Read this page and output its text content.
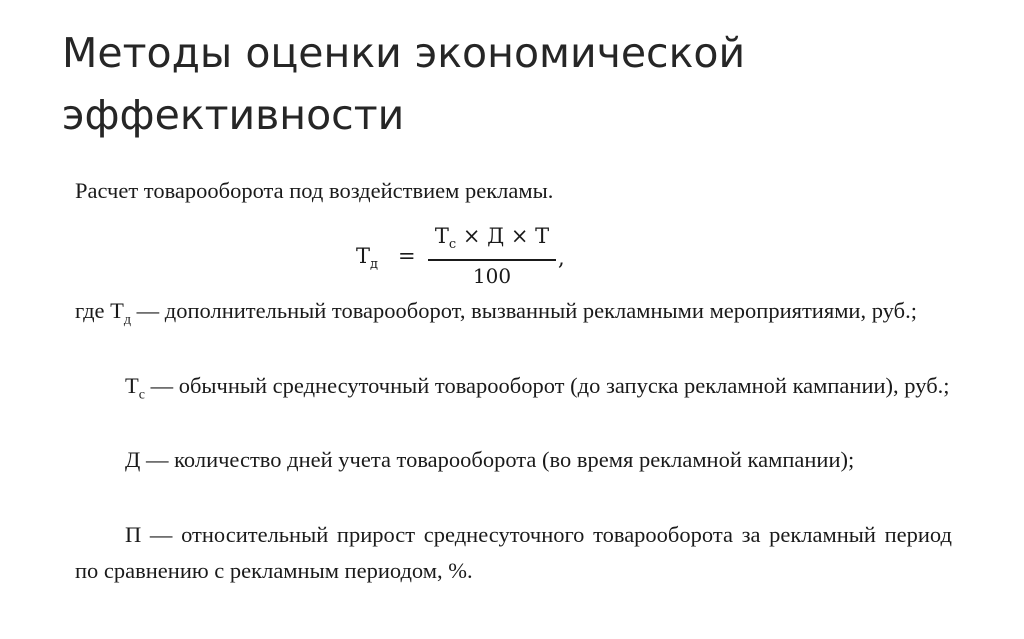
Методы оценки экономической
эффективности
Расчет товарооборота под воздействием рекламы.
$Т_д$ =
$Т_с \times Д \times Т$
100
,

где $Т_д$ — дополнительный товарооборот, вызванный рекламными мероприятиями, руб.;

$Т_с$ — обычный среднесуточный товарооборот (до запуска рекламной кампании), руб.;

Д — количество дней учета товарооборота (во время рекламной кампании);

П — относительный прирост среднесуточного товарооборота за рекламный период по сравнению с рекламным периодом, %.
